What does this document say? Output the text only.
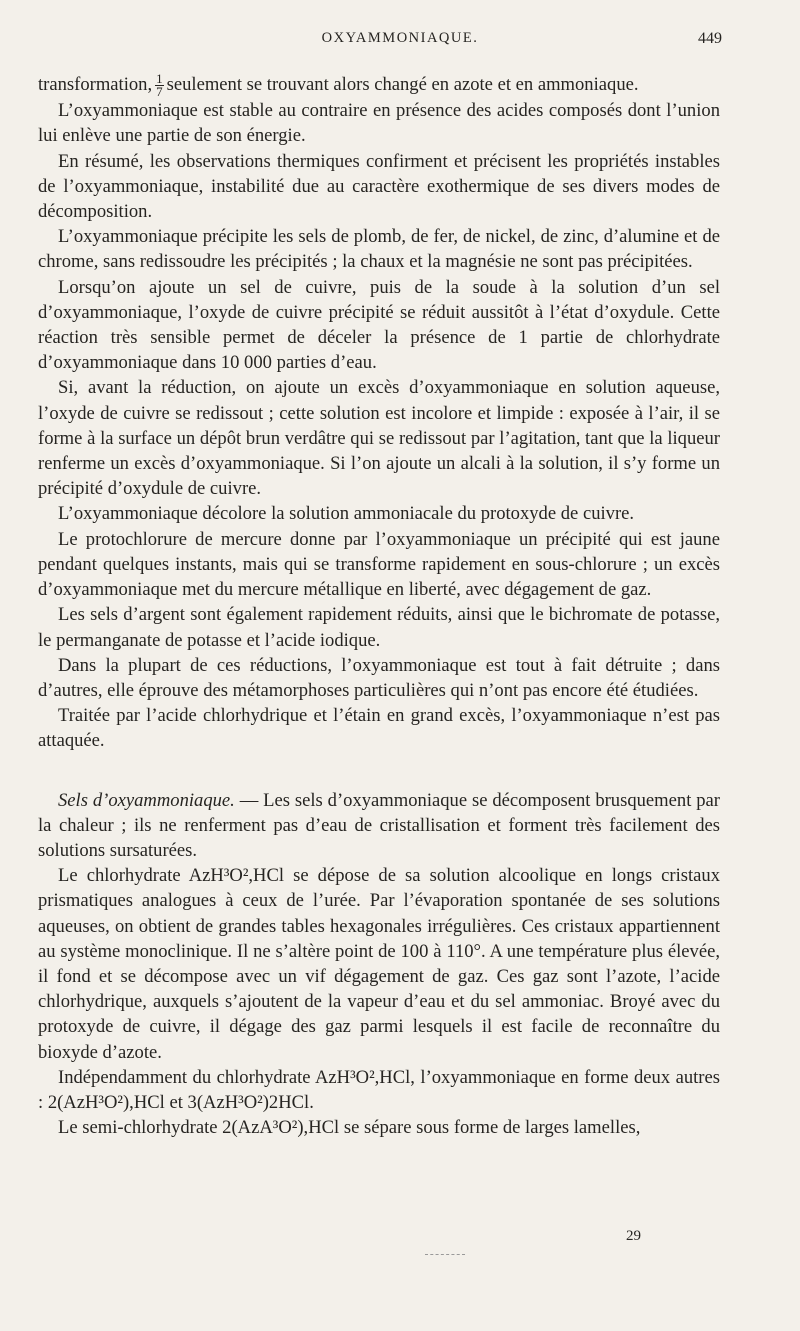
OXYAMMONIAQUE.	449

transformation, $\frac{1}{7}$ seulement se trouvant alors changé en azote et en ammoniaque.

L’oxyammoniaque est stable au contraire en présence des acides composés dont l’union lui enlève une partie de son énergie.

En résumé, les observations thermiques confirment et précisent les propriétés instables de l’oxyammoniaque, instabilité due au caractère exothermique de ses divers modes de décomposition.

L’oxyammoniaque précipite les sels de plomb, de fer, de nickel, de zinc, d’alumine et de chrome, sans redissoudre les précipités ; la chaux et la magnésie ne sont pas précipitées.

Lorsqu’on ajoute un sel de cuivre, puis de la soude à la solution d’un sel d’oxyammoniaque, l’oxyde de cuivre précipité se réduit aussitôt à l’état d’oxydule. Cette réaction très sensible permet de déceler la présence de 1 partie de chlorhydrate d’oxyammoniaque dans 10 000 parties d’eau.

Si, avant la réduction, on ajoute un excès d’oxyammoniaque en solution aqueuse, l’oxyde de cuivre se redissout ; cette solution est incolore et limpide : exposée à l’air, il se forme à la surface un dépôt brun verdâtre qui se redissout par l’agitation, tant que la liqueur renferme un excès d’oxyammoniaque. Si l’on ajoute un alcali à la solution, il s’y forme un précipité d’oxydule de cuivre.

L’oxyammoniaque décolore la solution ammoniacale du protoxyde de cuivre.

Le protochlorure de mercure donne par l’oxyammoniaque un précipité qui est jaune pendant quelques instants, mais qui se transforme rapidement en sous-chlorure ; un excès d’oxyammoniaque met du mercure métallique en liberté, avec dégagement de gaz.

Les sels d’argent sont également rapidement réduits, ainsi que le bichromate de potasse, le permanganate de potasse et l’acide iodique.

Dans la plupart de ces réductions, l’oxyammoniaque est tout à fait détruite ; dans d’autres, elle éprouve des métamorphoses particulières qui n’ont pas encore été étudiées.

Traitée par l’acide chlorhydrique et l’étain en grand excès, l’oxyammoniaque n’est pas attaquée.

Sels d’oxyammoniaque. — Les sels d’oxyammoniaque se décomposent brusquement par la chaleur ; ils ne renferment pas d’eau de cristallisation et forment très facilement des solutions sursaturées.

Le chlorhydrate AzH³O²,HCl se dépose de sa solution alcoolique en longs cristaux prismatiques analogues à ceux de l’urée. Par l’évaporation spontanée de ses solutions aqueuses, on obtient de grandes tables hexagonales irrégulières. Ces cristaux appartiennent au système monoclinique. Il ne s’altère point de 100 à 110°. A une température plus élevée, il fond et se décompose avec un vif dégagement de gaz. Ces gaz sont l’azote, l’acide chlorhydrique, auxquels s’ajoutent de la vapeur d’eau et du sel ammoniac. Broyé avec du protoxyde de cuivre, il dégage des gaz parmi lesquels il est facile de reconnaître du bioxyde d’azote.

Indépendamment du chlorhydrate AzH³O²,HCl, l’oxyammoniaque en forme deux autres : 2(AzH³O²),HCl et 3(AzH³O²)2HCl.

Le semi-chlorhydrate 2(AzA³O²),HCl se sépare sous forme de larges lamelles,

29
